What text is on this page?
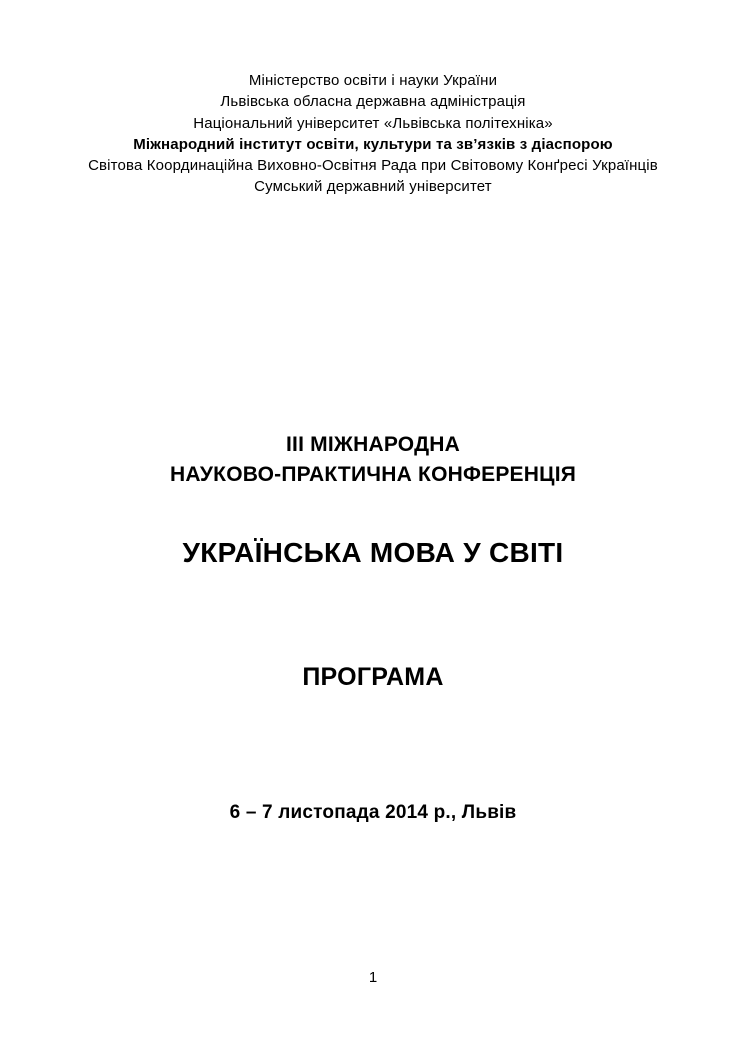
Міністерство освіти і науки України
Львівська обласна державна адміністрація
Національний університет «Львівська політехніка»
Міжнародний інститут освіти, культури та зв’язків з діаспорою
Світова Координаційна Виховно-Освітня Рада при Світовому Конґресі Українців
Сумський державний університет
III МІЖНАРОДНА
НАУКОВО-ПРАКТИЧНА КОНФЕРЕНЦІЯ
УКРАЇНСЬКА МОВА У СВІТІ
ПРОГРАМА
6 – 7 листопада 2014 р., Львів
1
